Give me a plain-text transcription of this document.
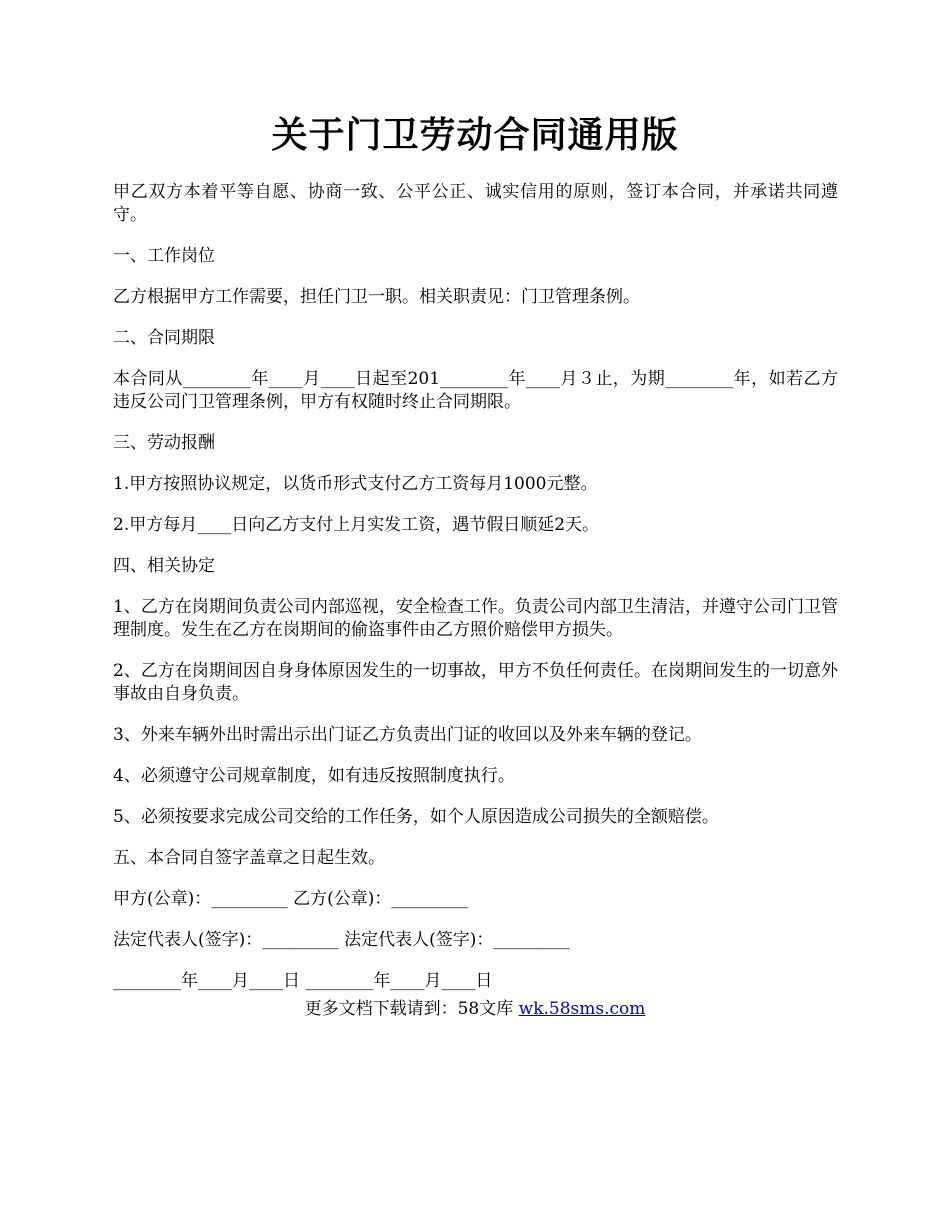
关于门卫劳动合同通用版

甲乙双方本着平等自愿、协商一致、公平公正、诚实信用的原则，签订本合同，并承诺共同遵守。

一、工作岗位

乙方根据甲方工作需要，担任门卫一职。相关职责见：门卫管理条例。

二、合同期限

本合同从________年____月____日起至201________年____月３止，为期________年，如若乙方违反公司门卫管理条例，甲方有权随时终止合同期限。

三、劳动报酬

1.甲方按照协议规定，以货币形式支付乙方工资每月1000元整。

2.甲方每月____日向乙方支付上月实发工资，遇节假日顺延2天。

四、相关协定

1、乙方在岗期间负责公司内部巡视，安全检查工作。负责公司内部卫生清洁，并遵守公司门卫管理制度。发生在乙方在岗期间的偷盗事件由乙方照价赔偿甲方损失。

2、乙方在岗期间因自身身体原因发生的一切事故，甲方不负任何责任。在岗期间发生的一切意外事故由自身负责。

3、外来车辆外出时需出示出门证乙方负责出门证的收回以及外来车辆的登记。

4、必须遵守公司规章制度，如有违反按照制度执行。

5、必须按要求完成公司交给的工作任务，如个人原因造成公司损失的全额赔偿。

五、本合同自签字盖章之日起生效。

甲方(公章)：_________ 乙方(公章)：_________

法定代表人(签字)：_________ 法定代表人(签字)：_________

________年____月____日 ________年____月____日

更多文档下载请到：58文库 wk.58sms.com
